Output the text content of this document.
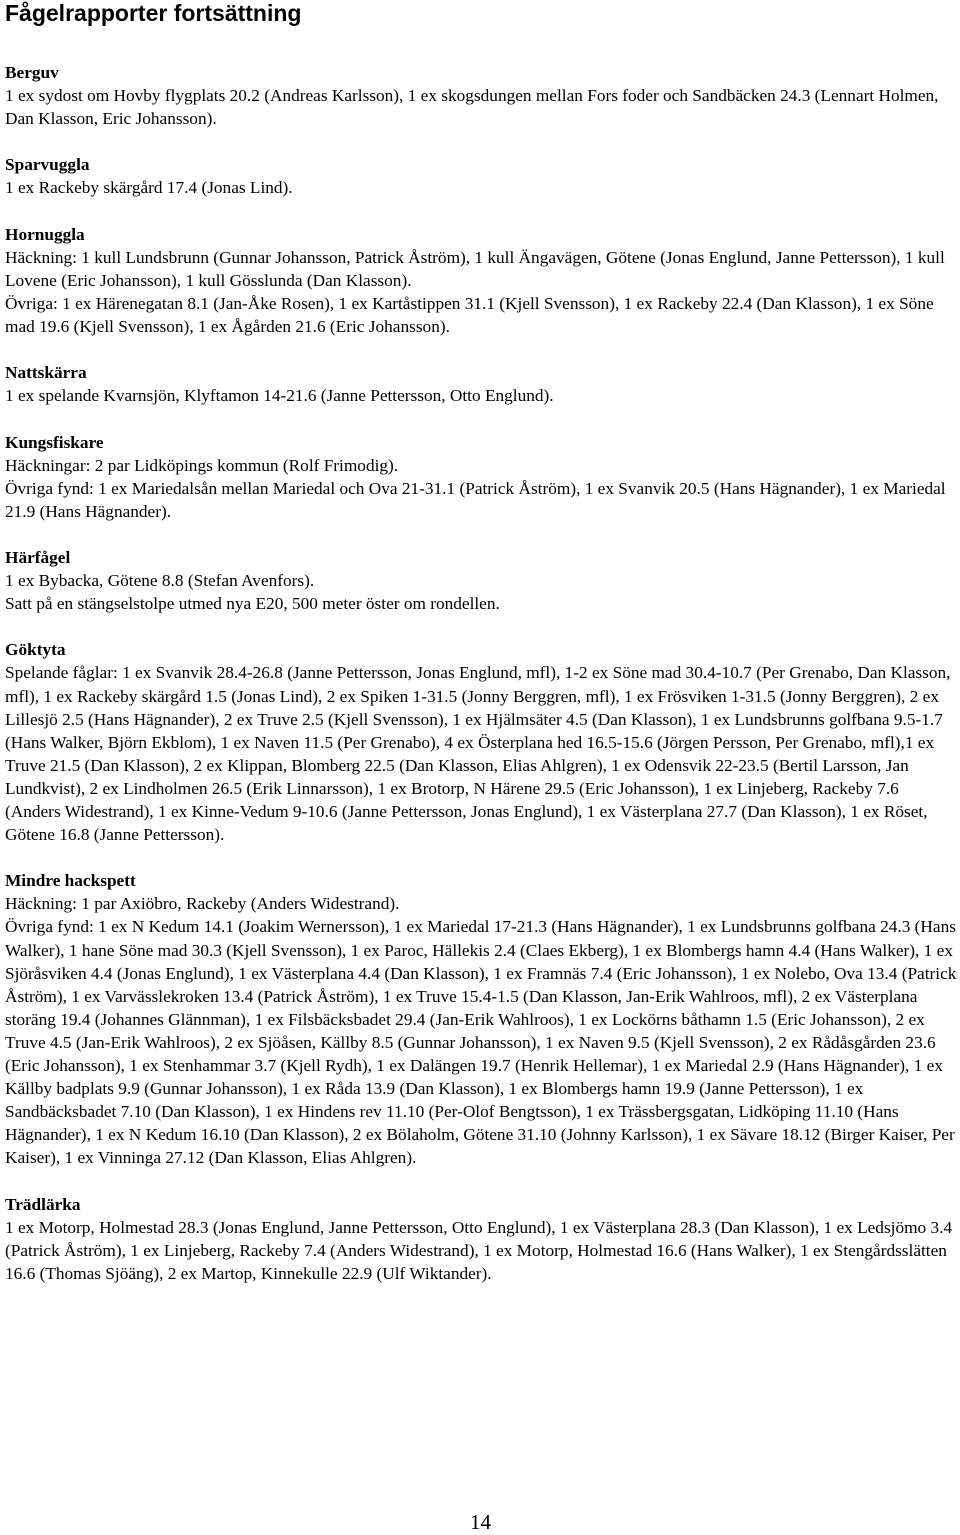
Fågelrapporter fortsättning
Berguv
1 ex sydost om Hovby flygplats 20.2 (Andreas Karlsson), 1 ex skogsdungen mellan Fors foder och Sandbäcken 24.3 (Lennart Holmen, Dan Klasson, Eric Johansson).
Sparvuggla
1 ex Rackeby skärgård 17.4 (Jonas Lind).
Hornuggla
Häckning: 1 kull Lundsbrunn (Gunnar Johansson, Patrick Åström), 1 kull Ängavägen, Götene (Jonas Englund, Janne Pettersson), 1 kull Lovene (Eric Johansson), 1 kull Gösslunda (Dan Klasson).
Övriga: 1 ex Härenegatan 8.1 (Jan-Åke Rosen), 1 ex Kartåstippen 31.1 (Kjell Svensson), 1 ex Rackeby 22.4 (Dan Klasson), 1 ex Söne mad 19.6 (Kjell Svensson), 1 ex Ågården 21.6 (Eric Johansson).
Nattskärra
1 ex spelande Kvarnsjön, Klyftamon 14-21.6 (Janne Pettersson, Otto Englund).
Kungsfiskare
Häckningar: 2 par Lidköpings kommun (Rolf Frimodig).
Övriga fynd: 1 ex Mariedalsån mellan Mariedal och Ova 21-31.1 (Patrick Åström), 1 ex Svanvik 20.5 (Hans Hägnander), 1 ex Mariedal 21.9 (Hans Hägnander).
Härfågel
1 ex Bybacka, Götene 8.8 (Stefan Avenfors).
Satt på en stängselstolpe utmed nya E20, 500 meter öster om rondellen.
Göktyta
Spelande fåglar: 1 ex Svanvik 28.4-26.8 (Janne Pettersson, Jonas Englund, mfl), 1-2 ex Söne mad 30.4-10.7 (Per Grenabo, Dan Klasson, mfl), 1 ex Rackeby skärgård 1.5 (Jonas Lind), 2 ex Spiken 1-31.5 (Jonny Berggren, mfl), 1 ex Frösviken 1-31.5 (Jonny Berggren), 2 ex Lillesjö 2.5 (Hans Hägnander), 2 ex Truve 2.5 (Kjell Svensson), 1 ex Hjälmsäter 4.5 (Dan Klasson), 1 ex Lundsbrunns golfbana 9.5-1.7 (Hans Walker, Björn Ekblom), 1 ex Naven 11.5 (Per Grenabo), 4 ex Österplana hed 16.5-15.6 (Jörgen Persson, Per Grenabo, mfl),1 ex Truve 21.5 (Dan Klasson), 2 ex Klippan, Blomberg 22.5 (Dan Klasson, Elias Ahlgren), 1 ex Odensvik 22-23.5 (Bertil Larsson, Jan Lundkvist), 2 ex Lindholmen 26.5 (Erik Linnarsson), 1 ex Brotorp, N Härene 29.5 (Eric Johansson), 1 ex Linjeberg, Rackeby 7.6 (Anders Widestrand), 1 ex Kinne-Vedum 9-10.6 (Janne Pettersson, Jonas Englund), 1 ex Västerplana 27.7 (Dan Klasson), 1 ex Röset, Götene 16.8 (Janne Pettersson).
Mindre hackspett
Häckning: 1 par Axiöbro, Rackeby (Anders Widestrand).
Övriga fynd: 1 ex N Kedum 14.1 (Joakim Wernersson), 1 ex Mariedal 17-21.3 (Hans Hägnander), 1 ex Lundsbrunns golfbana 24.3 (Hans Walker), 1 hane Söne mad 30.3 (Kjell Svensson), 1 ex Paroc, Hällekis 2.4 (Claes Ekberg), 1 ex Blombergs hamn 4.4 (Hans Walker), 1 ex Sjöråsviken 4.4 (Jonas Englund), 1 ex Västerplana 4.4 (Dan Klasson), 1 ex Framnäs 7.4 (Eric Johansson), 1 ex Nolebo, Ova 13.4 (Patrick Åström), 1 ex Varvässlekroken 13.4 (Patrick Åström), 1 ex Truve 15.4-1.5 (Dan Klasson, Jan-Erik Wahlroos, mfl), 2 ex Västerplana storäng 19.4 (Johannes Glännman), 1 ex Filsbäcksbadet 29.4 (Jan-Erik Wahlroos), 1 ex Lockörns båthamn 1.5 (Eric Johansson), 2 ex Truve 4.5 (Jan-Erik Wahlroos), 2 ex Sjöåsen, Källby 8.5 (Gunnar Johansson), 1 ex Naven 9.5 (Kjell Svensson), 2 ex Rådåsgården 23.6 (Eric Johansson), 1 ex Stenhammar 3.7 (Kjell Rydh), 1 ex Dalängen 19.7 (Henrik Hellemar), 1 ex Mariedal 2.9 (Hans Hägnander), 1 ex Källby badplats 9.9 (Gunnar Johansson), 1 ex Råda 13.9 (Dan Klasson), 1 ex Blombergs hamn 19.9 (Janne Pettersson), 1 ex Sandbäcksbadet 7.10 (Dan Klasson), 1 ex Hindens rev 11.10 (Per-Olof Bengtsson), 1 ex Trässbergsgatan, Lidköping 11.10 (Hans Hägnander), 1 ex N Kedum 16.10 (Dan Klasson), 2 ex Bölaholm, Götene 31.10 (Johnny Karlsson), 1 ex Sävare 18.12 (Birger Kaiser, Per Kaiser), 1 ex Vinninga 27.12 (Dan Klasson, Elias Ahlgren).
Trädlärka
1 ex Motorp, Holmestad 28.3 (Jonas Englund, Janne Pettersson, Otto Englund), 1 ex Västerplana 28.3 (Dan Klasson), 1 ex Ledsjömo 3.4 (Patrick Åström), 1 ex Linjeberg, Rackeby 7.4 (Anders Widestrand), 1 ex Motorp, Holmestad 16.6 (Hans Walker), 1 ex Stengårdsslätten 16.6 (Thomas Sjöäng), 2 ex Martop, Kinnekulle 22.9 (Ulf Wiktander).
14
